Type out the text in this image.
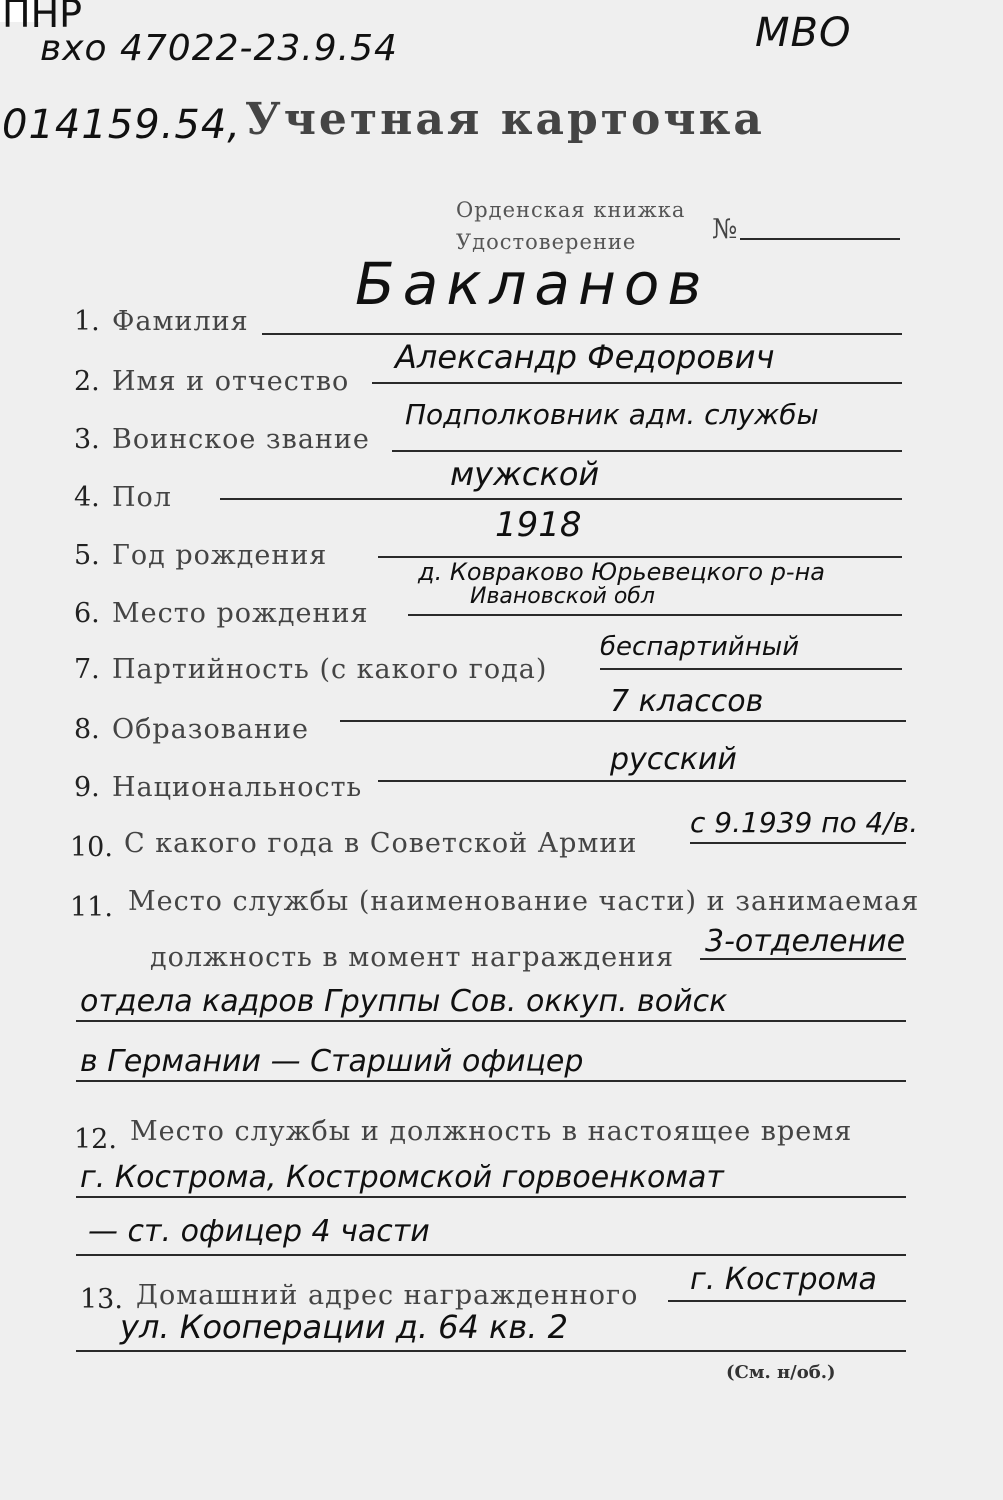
ПНР
вхо 47022-23.9.54	МВО
014159.54, Учетная карточка
Орденская книжка
Удостоверение	№
1. Фамилия
Бакланов
2. Имя и отчество
Александр Федорович
3. Воинское звание
Подполковник адм. службы
4. Пол
мужской
5. Год рождения
1918
6. Место рождения
д. Ковраково Юрьевецкого р-на
Ивановской обл
7. Партийность (с какого года)
беспартийный
8. Образование
7 классов
9. Национальность
русский
10. С какого года в Советской Армии
с 9.1939 по 4/в.
11. Место службы (наименование части) и занимаемая
должность в момент награждения 3-отделение
отдела кадров Группы Сов. оккуп. войск
в Германии — Старший офицер
12. Место службы и должность в настоящее время
г. Кострома, Костромской горвоенкомат
— ст. офицер 4 части
13. Домашний адрес награжденного г. Кострома
ул. Кооперации д. 64 кв. 2
(См. н/об.)
